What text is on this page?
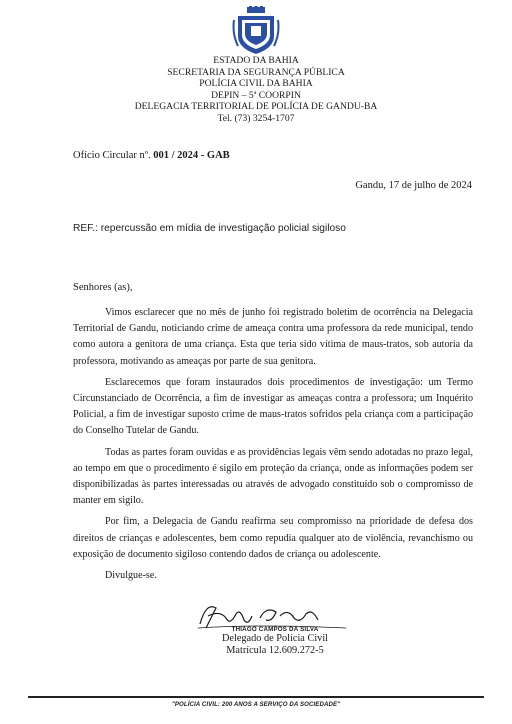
ESTADO DA BAHIA
SECRETARIA DA SEGURANÇA PÚBLICA
POLÍCIA CIVIL DA BAHIA
DEPIN – 5ª COORPIN
DELEGACIA TERRITORIAL DE POLÍCIA DE GANDU-BA
Tel. (73) 3254-1707
Ofício Circular nº. 001 / 2024 - GAB
Gandu, 17 de julho de 2024
REF.: repercussão em mídia de investigação policial sigiloso
Senhores (as),

Vimos esclarecer que no mês de junho foi registrado boletim de ocorrência na Delegacia Territorial de Gandu, noticiando crime de ameaça contra uma professora da rede municipal, tendo como autora a genitora de uma criança. Esta que teria sido vítima de maus-tratos, sob autoria da professora, motivando as ameaças por parte de sua genitora.

Esclarecemos que foram instaurados dois procedimentos de investigação: um Termo Circunstanciado de Ocorrência, a fim de investigar as ameaças contra a professora; um Inquérito Policial, a fim de investigar suposto crime de maus-tratos sofridos pela criança com a participação do Conselho Tutelar de Gandu.

Todas as partes foram ouvidas e as providências legais vêm sendo adotadas no prazo legal, ao tempo em que o procedimento é sigilo em proteção da criança, onde as informações podem ser disponibilizadas às partes interessadas ou através de advogado constituído sob o compromisso de manter em sigilo.

Por fim, a Delegacia de Gandu reafirma seu compromisso na prioridade de defesa dos direitos de crianças e adolescentes, bem como repudia qualquer ato de violência, revanchismo ou exposição de documento sigiloso contendo dados de criança ou adolescente.

Divulgue-se.

THIAGO CAMPOS DA SILVA
Delegado de Polícia Civil
Matrícula 12.609.272-5
"POLÍCIA CIVIL: 200 ANOS A SERVIÇO DA SOCIEDADE"
